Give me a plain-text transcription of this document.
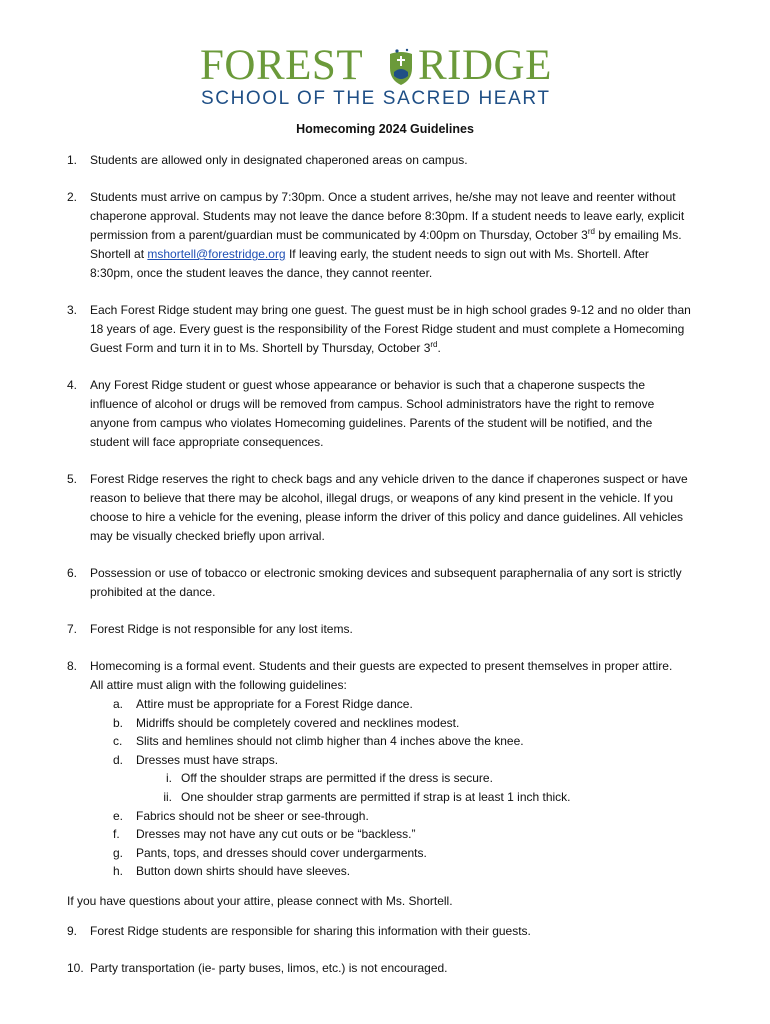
FOREST	RIDGE
SCHOOL OF THE SACRED HEART
Homecoming 2024 Guidelines
1. Students are allowed only in designated chaperoned areas on campus.
2. Students must arrive on campus by 7:30pm. Once a student arrives, he/she may not leave and reenter without
chaperone approval. Students may not leave the dance before 8:30pm. If a student needs to leave early, explicit
permission from a parent/guardian must be communicated by 4:00pm on Thursday, October 3rd by emailing Ms.
Shortell at mshortell@forestridge.org If leaving early, the student needs to sign out with Ms. Shortell. After
8:30pm, once the student leaves the dance, they cannot reenter.
3. Each Forest Ridge student may bring one guest. The guest must be in high school grades 9-12 and no older than
18 years of age. Every guest is the responsibility of the Forest Ridge student and must complete a Homecoming
Guest Form and turn it in to Ms. Shortell by Thursday, October 3rd.
4. Any Forest Ridge student or guest whose appearance or behavior is such that a chaperone suspects the
influence of alcohol or drugs will be removed from campus. School administrators have the right to remove
anyone from campus who violates Homecoming guidelines. Parents of the student will be notified, and the
student will face appropriate consequences.
5. Forest Ridge reserves the right to check bags and any vehicle driven to the dance if chaperones suspect or have
reason to believe that there may be alcohol, illegal drugs, or weapons of any kind present in the vehicle. If you
choose to hire a vehicle for the evening, please inform the driver of this policy and dance guidelines. All vehicles
may be visually checked briefly upon arrival.
6. Possession or use of tobacco or electronic smoking devices and subsequent paraphernalia of any sort is strictly
prohibited at the dance.
7. Forest Ridge is not responsible for any lost items.
8. Homecoming is a formal event. Students and their guests are expected to present themselves in proper attire.
All attire must align with the following guidelines:
a. Attire must be appropriate for a Forest Ridge dance.
b. Midriffs should be completely covered and necklines modest.
c. Slits and hemlines should not climb higher than 4 inches above the knee.
d. Dresses must have straps.
i. Off the shoulder straps are permitted if the dress is secure.
ii. One shoulder strap garments are permitted if strap is at least 1 inch thick.
e. Fabrics should not be sheer or see-through.
f. Dresses may not have any cut outs or be “backless.”
g. Pants, tops, and dresses should cover undergarments.
h. Button down shirts should have sleeves.
If you have questions about your attire, please connect with Ms. Shortell.
9. Forest Ridge students are responsible for sharing this information with their guests.
10. Party transportation (ie- party buses, limos, etc.) is not encouraged.
